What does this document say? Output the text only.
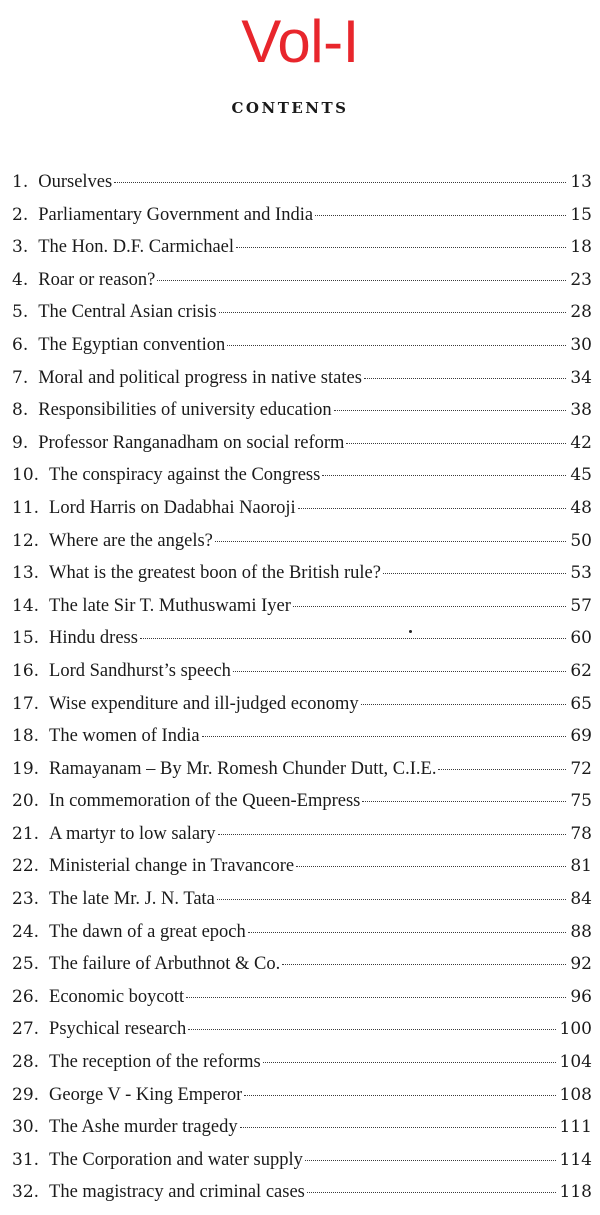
Vol-I
CONTENTS
1. Ourselves	13
2. Parliamentary Government and India	15
3. The Hon. D.F. Carmichael	18
4. Roar or reason?	23
5. The Central Asian crisis	28
6. The Egyptian convention	30
7. Moral and political progress in native states	34
8. Responsibilities of university education	38
9. Professor Ranganadham on social reform	42
10. The conspiracy against the Congress	45
11. Lord Harris on Dadabhai Naoroji	48
12. Where are the angels?	50
13. What is the greatest boon of the British rule?	53
14. The late Sir T. Muthuswami Iyer	57
15. Hindu dress	60
16. Lord Sandhurst’s speech	62
17. Wise expenditure and ill-judged economy	65
18. The women of India	69
19. Ramayanam – By Mr. Romesh Chunder Dutt, C.I.E.	72
20. In commemoration of the Queen-Empress	75
21. A martyr to low salary	78
22. Ministerial change in Travancore	81
23. The late Mr. J. N. Tata	84
24. The dawn of a great epoch	88
25. The failure of Arbuthnot & Co.	92
26. Economic boycott	96
27. Psychical research	100
28. The reception of the reforms	104
29. George V - King Emperor	108
30. The Ashe murder tragedy	111
31. The Corporation and water supply	114
32. The magistracy and criminal cases	118
